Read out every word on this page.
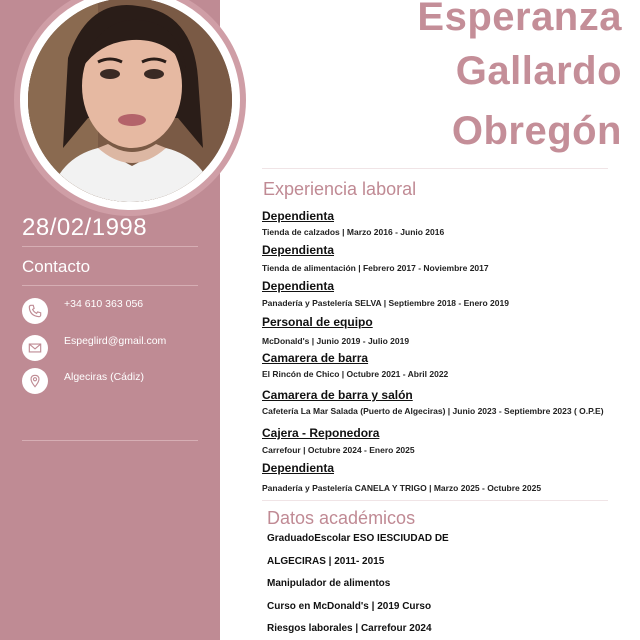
28/02/1998
Contacto
+34 610 363 056
Espeglird@gmail.com
Algeciras (Cádiz)
Esperanza
Gallardo
Obregón
Experiencia laboral
Dependienta
Tienda de calzados | Marzo 2016 - Junio 2016
Dependienta
Tienda de alimentación | Febrero 2017 - Noviembre 2017
Dependienta
Panadería y Pastelería SELVA | Septiembre 2018 - Enero 2019
Personal de equipo
McDonald's | Junio 2019 - Julio 2019
Camarera de barra
El Rincón de Chico | Octubre 2021 - Abril 2022
Camarera de barra y salón
Cafetería La Mar Salada (Puerto de Algeciras) | Junio 2023 - Septiembre 2023 ( O.P.E)
Cajera - Reponedora
Carrefour | Octubre 2024 - Enero 2025
Dependienta
Panadería y Pastelería CANELA Y TRIGO | Marzo 2025 - Octubre 2025
Datos académicos
GraduadoEscolar ESO IESCIUDAD DE
ALGECIRAS | 2011- 2015
Manipulador de alimentos
Curso en McDonald's | 2019 Curso
Riesgos laborales | Carrefour 2024
